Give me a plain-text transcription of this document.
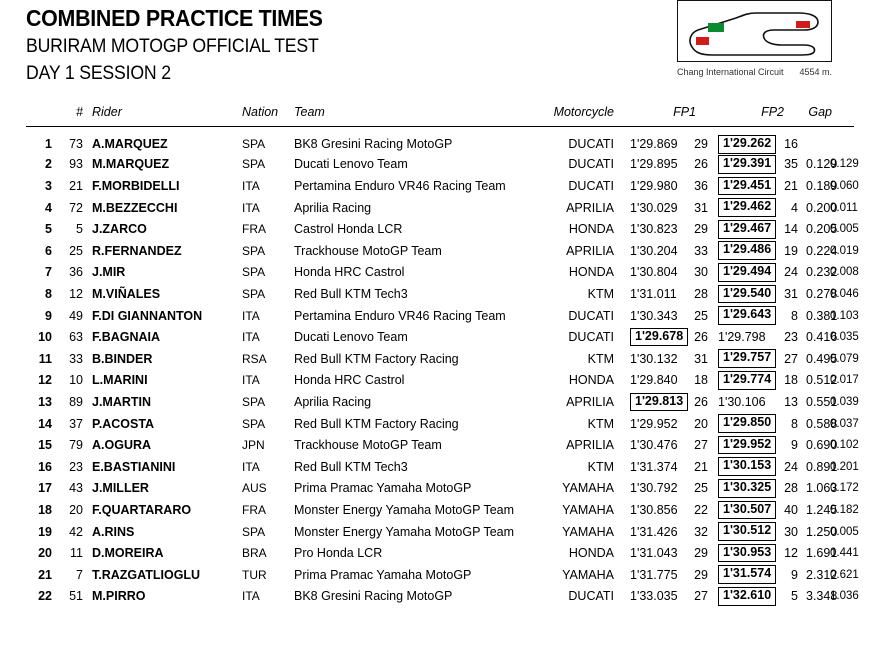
COMBINED PRACTICE TIMES
BURIRAM MOTOGP OFFICIAL TEST
DAY 1 SESSION 2	Chang International Circuit 4554 m.
	#	Rider	Nation	Team	Motorcycle	FP1		FP2		Gap	
1	73	A.MARQUEZ	SPA	BK8 Gresini Racing MotoGP	DUCATI	1'29.869	29	1'29.262	16		
2	93	M.MARQUEZ	SPA	Ducati Lenovo Team	DUCATI	1'29.895	26	1'29.391	35	0.129	0.129
3	21	F.MORBIDELLI	ITA	Pertamina Enduro VR46 Racing Team	DUCATI	1'29.980	36	1'29.451	21	0.189	0.060
4	72	M.BEZZECCHI	ITA	Aprilia Racing	APRILIA	1'30.029	31	1'29.462	4	0.200	0.011
5	5	J.ZARCO	FRA	Castrol Honda LCR	HONDA	1'30.823	29	1'29.467	14	0.205	0.005
6	25	R.FERNANDEZ	SPA	Trackhouse MotoGP Team	APRILIA	1'30.204	33	1'29.486	19	0.224	0.019
7	36	J.MIR	SPA	Honda HRC Castrol	HONDA	1'30.804	30	1'29.494	24	0.232	0.008
8	12	M.VIÑALES	SPA	Red Bull KTM Tech3	KTM	1'31.011	28	1'29.540	31	0.278	0.046
9	49	F.DI GIANNANTON	ITA	Pertamina Enduro VR46 Racing Team	DUCATI	1'30.343	25	1'29.643	8	0.381	0.103
10	63	F.BAGNAIA	ITA	Ducati Lenovo Team	DUCATI	1'29.678	26	1'29.798	23	0.416	0.035
11	33	B.BINDER	RSA	Red Bull KTM Factory Racing	KTM	1'30.132	31	1'29.757	27	0.495	0.079
12	10	L.MARINI	ITA	Honda HRC Castrol	HONDA	1'29.840	18	1'29.774	18	0.512	0.017
13	89	J.MARTIN	SPA	Aprilia Racing	APRILIA	1'29.813	26	1'30.106	13	0.551	0.039
14	37	P.ACOSTA	SPA	Red Bull KTM Factory Racing	KTM	1'29.952	20	1'29.850	8	0.588	0.037
15	79	A.OGURA	JPN	Trackhouse MotoGP Team	APRILIA	1'30.476	27	1'29.952	9	0.690	0.102
16	23	E.BASTIANINI	ITA	Red Bull KTM Tech3	KTM	1'31.374	21	1'30.153	24	0.891	0.201
17	43	J.MILLER	AUS	Prima Pramac Yamaha MotoGP	YAMAHA	1'30.792	25	1'30.325	28	1.063	0.172
18	20	F.QUARTARARO	FRA	Monster Energy Yamaha MotoGP Team	YAMAHA	1'30.856	22	1'30.507	40	1.245	0.182
19	42	A.RINS	SPA	Monster Energy Yamaha MotoGP Team	YAMAHA	1'31.426	32	1'30.512	30	1.250	0.005
20	11	D.MOREIRA	BRA	Pro Honda LCR	HONDA	1'31.043	29	1'30.953	12	1.691	0.441
21	7	T.RAZGATLIOGLU	TUR	Prima Pramac Yamaha MotoGP	YAMAHA	1'31.775	29	1'31.574	9	2.312	0.621
22	51	M.PIRRO	ITA	BK8 Gresini Racing MotoGP	DUCATI	1'33.035	27	1'32.610	5	3.348	1.036
